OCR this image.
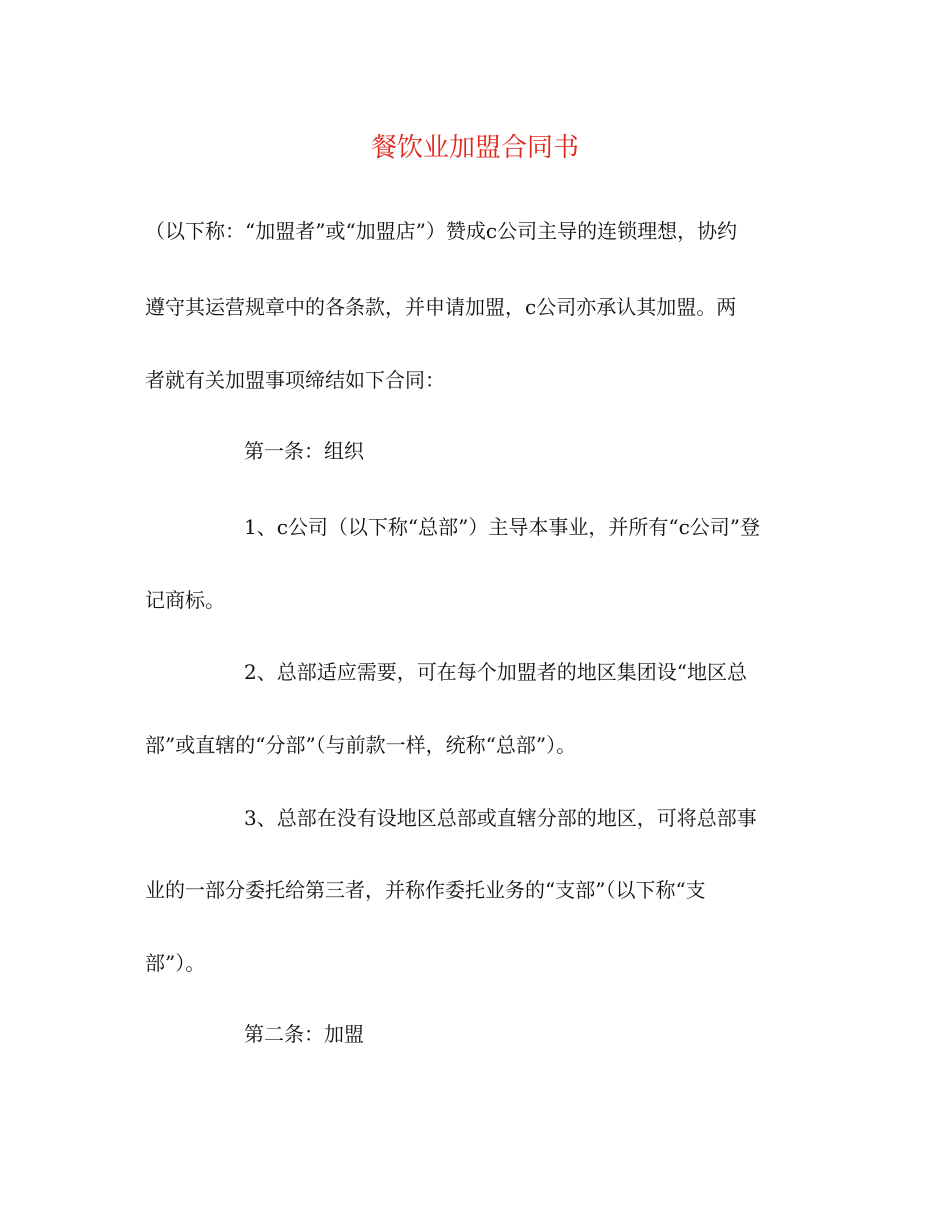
餐饮业加盟合同书
（以下称：“加盟者”或“加盟店”）赞成c公司主导的连锁理想，协约
遵守其运营规章中的各条款，并申请加盟，c公司亦承认其加盟。两
者就有关加盟事项缔结如下合同：
第一条：组织
1、c公司（以下称“总部”）主导本事业，并所有“c公司”登
记商标。
2、总部适应需要，可在每个加盟者的地区集团设“地区总
部”或直辖的“分部”（与前款一样，统称“总部”）。
3、总部在没有设地区总部或直辖分部的地区，可将总部事
业的一部分委托给第三者，并称作委托业务的“支部”（以下称“支
部”）。
第二条：加盟
